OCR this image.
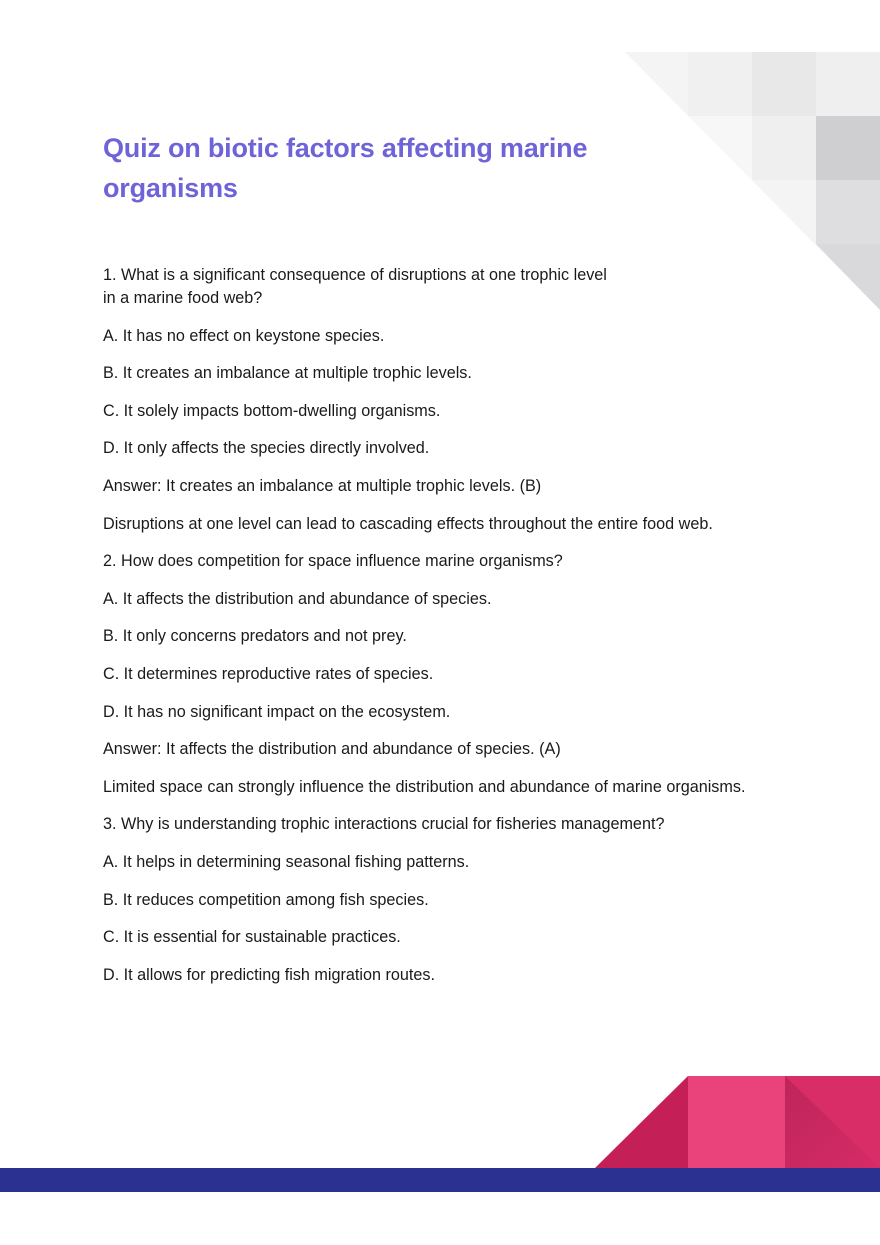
Quiz on biotic factors affecting marine organisms

1. What is a significant consequence of disruptions at one trophic level in a marine food web?

A. It has no effect on keystone species.

B. It creates an imbalance at multiple trophic levels.

C. It solely impacts bottom-dwelling organisms.

D. It only affects the species directly involved.

Answer: It creates an imbalance at multiple trophic levels. (B)

Disruptions at one level can lead to cascading effects throughout the entire food web.

2. How does competition for space influence marine organisms?

A. It affects the distribution and abundance of species.

B. It only concerns predators and not prey.

C. It determines reproductive rates of species.

D. It has no significant impact on the ecosystem.

Answer: It affects the distribution and abundance of species. (A)

Limited space can strongly influence the distribution and abundance of marine organisms.

3. Why is understanding trophic interactions crucial for fisheries management?

A. It helps in determining seasonal fishing patterns.

B. It reduces competition among fish species.

C. It is essential for sustainable practices.

D. It allows for predicting fish migration routes.
